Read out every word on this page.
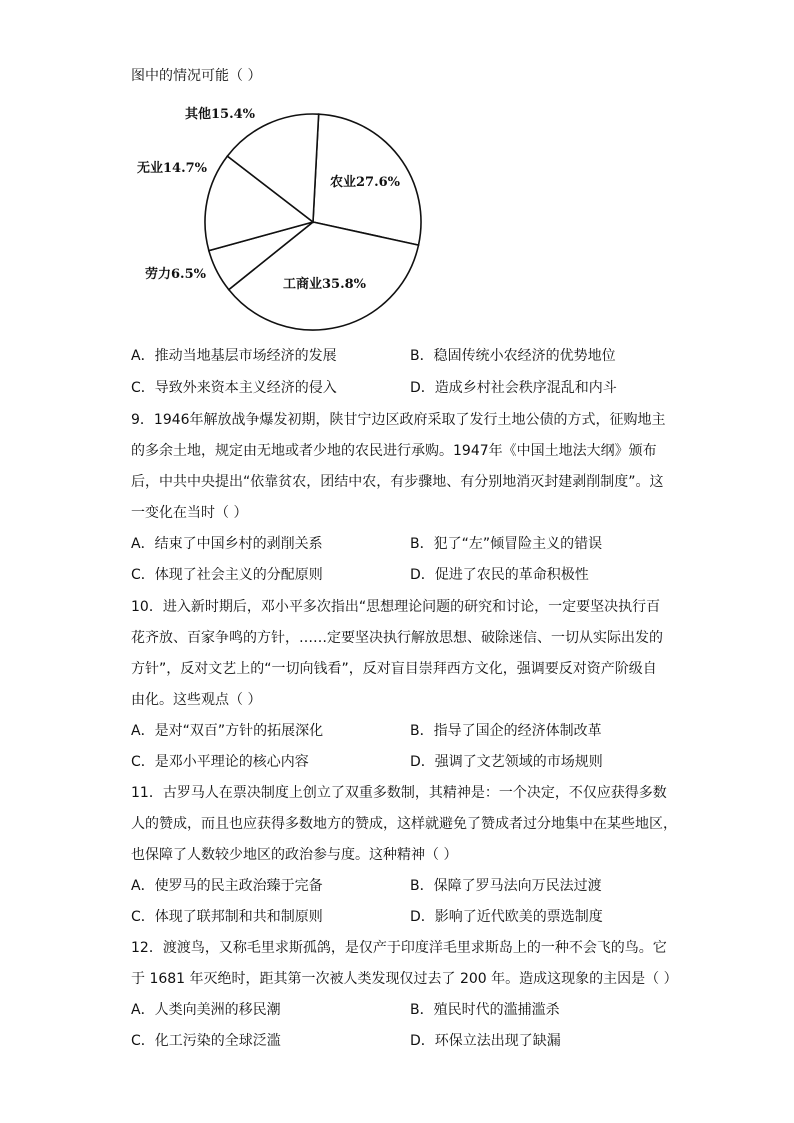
图中的情况可能（ ）
农业27.6%
工商业35.8%
劳力6.5%
无业14.7%
其他15.4%
A．推动当地基层市场经济的发展	B．稳固传统小农经济的优势地位
C．导致外来资本主义经济的侵入	D．造成乡村社会秩序混乱和内斗
9．1946年解放战争爆发初期，陕甘宁边区政府采取了发行土地公债的方式，征购地主
的多余土地，规定由无地或者少地的农民进行承购。1947年《中国土地法大纲》颁布
后，中共中央提出“依靠贫农，团结中农，有步骤地、有分别地消灭封建剥削制度”。这
一变化在当时（ ）
A．结束了中国乡村的剥削关系	B．犯了“左”倾冒险主义的错误
C．体现了社会主义的分配原则	D．促进了农民的革命积极性
10．进入新时期后，邓小平多次指出“思想理论问题的研究和讨论，一定要坚决执行百
花齐放、百家争鸣的方针，……定要坚决执行解放思想、破除迷信、一切从实际出发的
方针”，反对文艺上的“一切向钱看”，反对盲目崇拜西方文化，强调要反对资产阶级自
由化。这些观点（ ）
A．是对“双百”方针的拓展深化	B．指导了国企的经济体制改革
C．是邓小平理论的核心内容	D．强调了文艺领域的市场规则
11．古罗马人在票决制度上创立了双重多数制，其精神是：一个决定，不仅应获得多数
人的赞成，而且也应获得多数地方的赞成，这样就避免了赞成者过分地集中在某些地区，
也保障了人数较少地区的政治参与度。这种精神（ ）
A．使罗马的民主政治臻于完备	B．保障了罗马法向万民法过渡
C．体现了联邦制和共和制原则	D．影响了近代欧美的票选制度
12．渡渡鸟，又称毛里求斯孤鸽，是仅产于印度洋毛里求斯岛上的一种不会飞的鸟。它
于 1681 年灭绝时，距其第一次被人类发现仅过去了 200 年。造成这现象的主因是（ ）
A．人类向美洲的移民潮	B．殖民时代的滥捕滥杀
C．化工污染的全球泛滥	D．环保立法出现了缺漏
